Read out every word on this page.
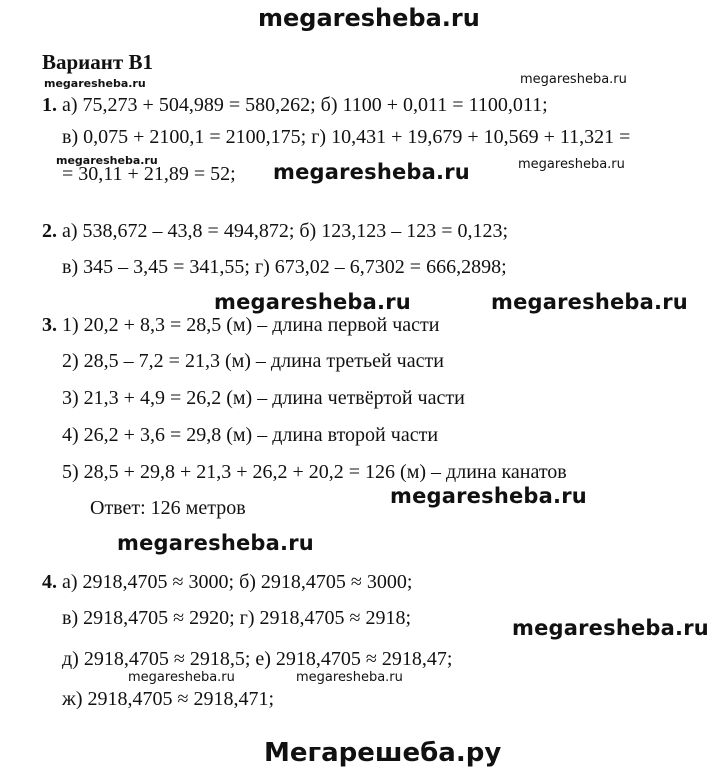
megaresheba.ru
Вариант В1
megaresheba.ru	megaresheba.ru
1. а) 75,273 + 504,989 = 580,262; б) 1100 + 0,011 = 1100,011;
в) 0,075 + 2100,1 = 2100,175; г) 10,431 + 19,679 + 10,569 + 11,321 =
megaresheba.ru	megaresheba.ru
= 30,11 + 21,89 = 52; megaresheba.ru
2. а) 538,672 – 43,8 = 494,872; б) 123,123 – 123 = 0,123;
в) 345 – 3,45 = 341,55; г) 673,02 – 6,7302 = 666,2898;
megaresheba.ru	megaresheba.ru
3. 1) 20,2 + 8,3 = 28,5 (м) – длина первой части
2) 28,5 – 7,2 = 21,3 (м) – длина третьей части
3) 21,3 + 4,9 = 26,2 (м) – длина четвёртой части
4) 26,2 + 3,6 = 29,8 (м) – длина второй части
5) 28,5 + 29,8 + 21,3 + 26,2 + 20,2 = 126 (м) – длина канатов
megaresheba.ru
Ответ: 126 метров
megaresheba.ru
4. а) 2918,4705 ≈ 3000; б) 2918,4705 ≈ 3000;
в) 2918,4705 ≈ 2920; г) 2918,4705 ≈ 2918;	megaresheba.ru
д) 2918,4705 ≈ 2918,5; е) 2918,4705 ≈ 2918,47;
megaresheba.ru	megaresheba.ru
ж) 2918,4705 ≈ 2918,471;
Мегарешеба.ру
